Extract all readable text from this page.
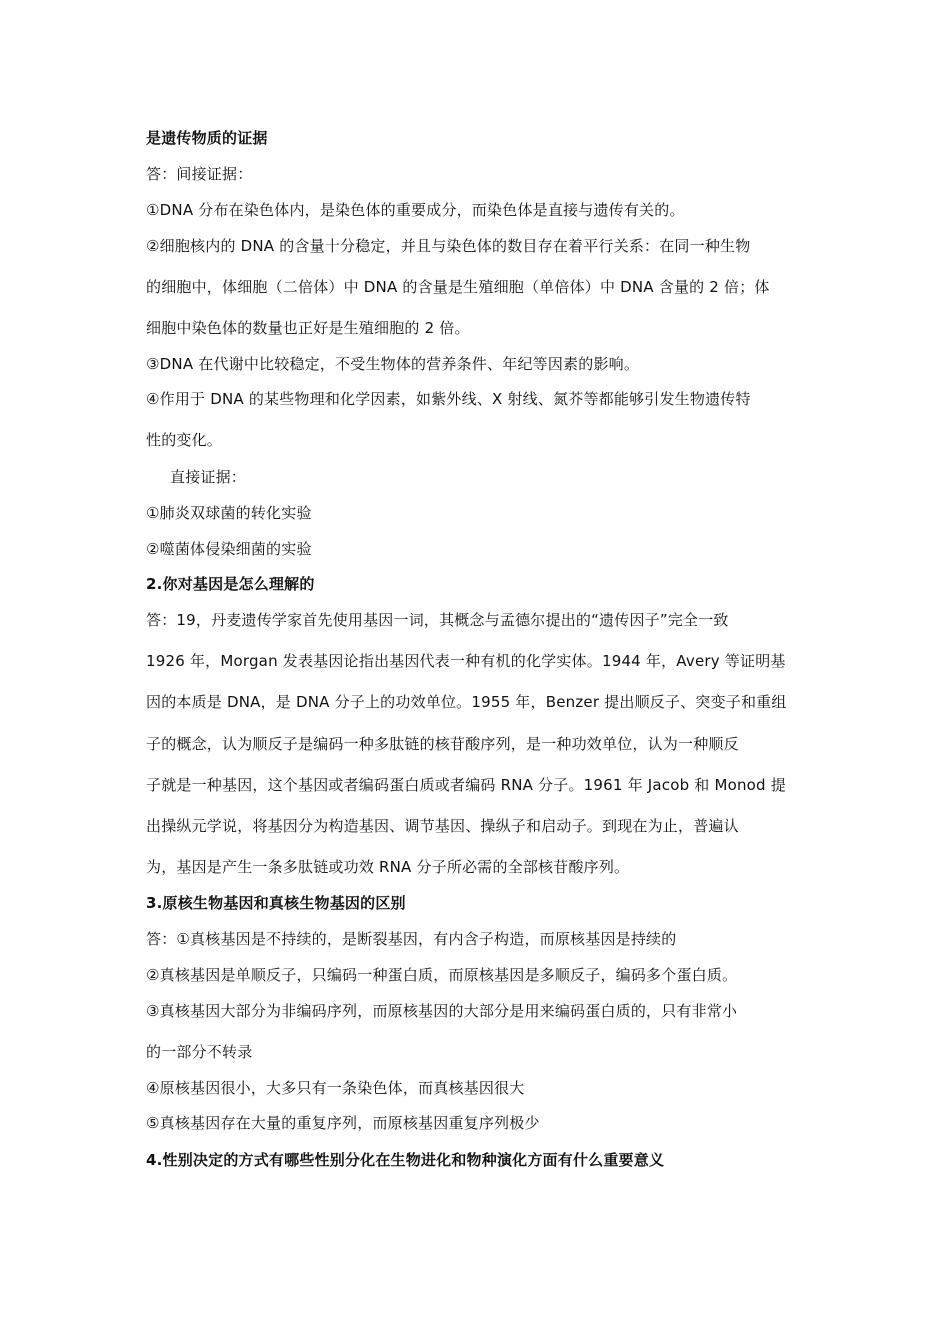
是遗传物质的证据
答：间接证据：
①DNA 分布在染色体内，是染色体的重要成分，而染色体是直接与遗传有关的。
②细胞核内的 DNA 的含量十分稳定，并且与染色体的数目存在着平行关系：在同一种生物
的细胞中，体细胞（二倍体）中 DNA 的含量是生殖细胞（单倍体）中 DNA 含量的 2 倍；体
细胞中染色体的数量也正好是生殖细胞的 2 倍。
③DNA 在代谢中比较稳定，不受生物体的营养条件、年纪等因素的影响。
④作用于 DNA 的某些物理和化学因素，如紫外线、X 射线、氮芥等都能够引发生物遗传特
性的变化。
直接证据：
①肺炎双球菌的转化实验
②噬菌体侵染细菌的实验
2.你对基因是怎么理解的
答：19，丹麦遗传学家首先使用基因一词，其概念与孟德尔提出的“遗传因子”完全一致
1926 年，Morgan 发表基因论指出基因代表一种有机的化学实体。1944 年，Avery 等证明基
因的本质是 DNA，是 DNA 分子上的功效单位。1955 年，Benzer 提出顺反子、突变子和重组
子的概念，认为顺反子是编码一种多肽链的核苷酸序列，是一种功效单位，认为一种顺反
子就是一种基因，这个基因或者编码蛋白质或者编码 RNA 分子。1961 年 Jacob 和 Monod 提
出操纵元学说，将基因分为构造基因、调节基因、操纵子和启动子。到现在为止，普遍认
为，基因是产生一条多肽链或功效 RNA 分子所必需的全部核苷酸序列。
3.原核生物基因和真核生物基因的区别
答：①真核基因是不持续的，是断裂基因，有内含子构造，而原核基因是持续的
②真核基因是单顺反子，只编码一种蛋白质，而原核基因是多顺反子，编码多个蛋白质。
③真核基因大部分为非编码序列，而原核基因的大部分是用来编码蛋白质的，只有非常小
的一部分不转录
④原核基因很小，大多只有一条染色体，而真核基因很大
⑤真核基因存在大量的重复序列，而原核基因重复序列极少
4.性别决定的方式有哪些性别分化在生物进化和物种演化方面有什么重要意义
